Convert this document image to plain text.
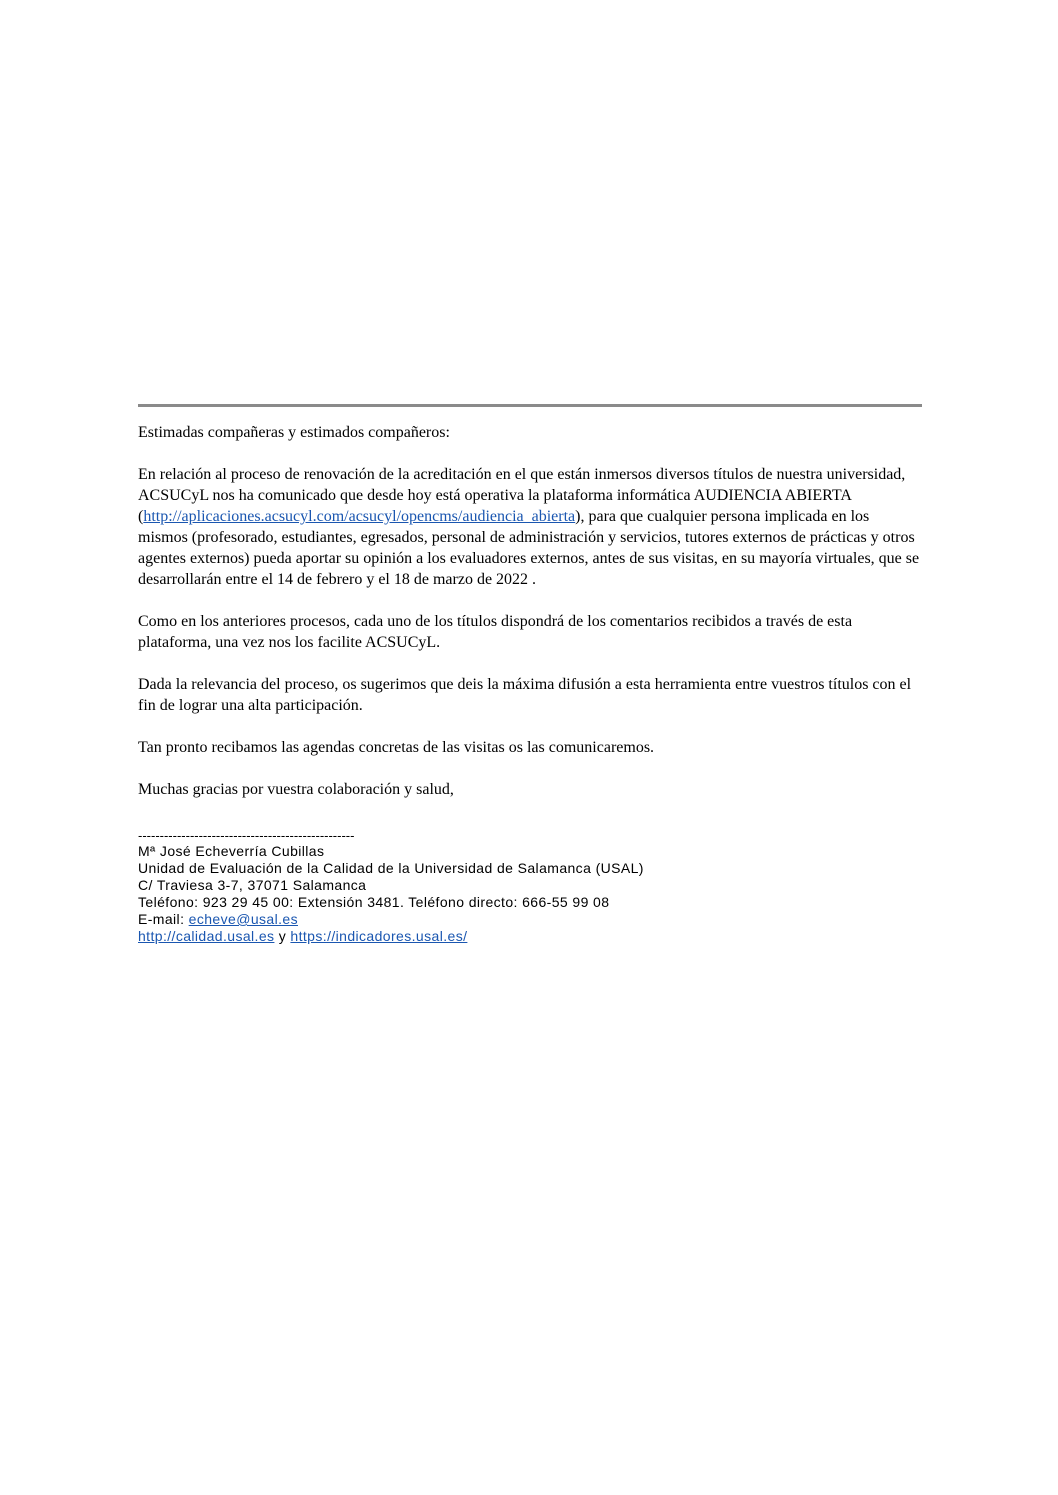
Estimadas compañeras y estimados compañeros:

En relación al proceso de renovación de la acreditación en el que están inmersos diversos títulos de nuestra universidad, ACSUCyL nos ha comunicado que desde hoy está operativa la plataforma informática AUDIENCIA ABIERTA (http://aplicaciones.acsucyl.com/acsucyl/opencms/audiencia_abierta), para que cualquier persona implicada en los mismos (profesorado, estudiantes, egresados, personal de administración y servicios, tutores externos de prácticas y otros agentes externos) pueda aportar su opinión a los evaluadores externos, antes de sus visitas, en su mayoría virtuales, que se desarrollarán entre el 14 de febrero y el 18 de marzo de 2022 .

Como en los anteriores procesos, cada uno de los títulos dispondrá de los comentarios recibidos a través de esta plataforma, una vez nos los facilite ACSUCyL.

Dada la relevancia del proceso, os sugerimos que deis la máxima difusión a esta herramienta entre vuestros títulos con el fin de lograr una alta participación.

Tan pronto recibamos las agendas concretas de las visitas os las comunicaremos.

Muchas gracias por vuestra colaboración y salud,

--------------------------------------------------
Mª José Echeverría Cubillas
Unidad de Evaluación de la Calidad de la Universidad de Salamanca (USAL)
C/ Traviesa 3-7, 37071 Salamanca
Teléfono: 923 29 45 00: Extensión 3481. Teléfono directo: 666-55 99 08
E-mail: echeve@usal.es
http://calidad.usal.es y https://indicadores.usal.es/
